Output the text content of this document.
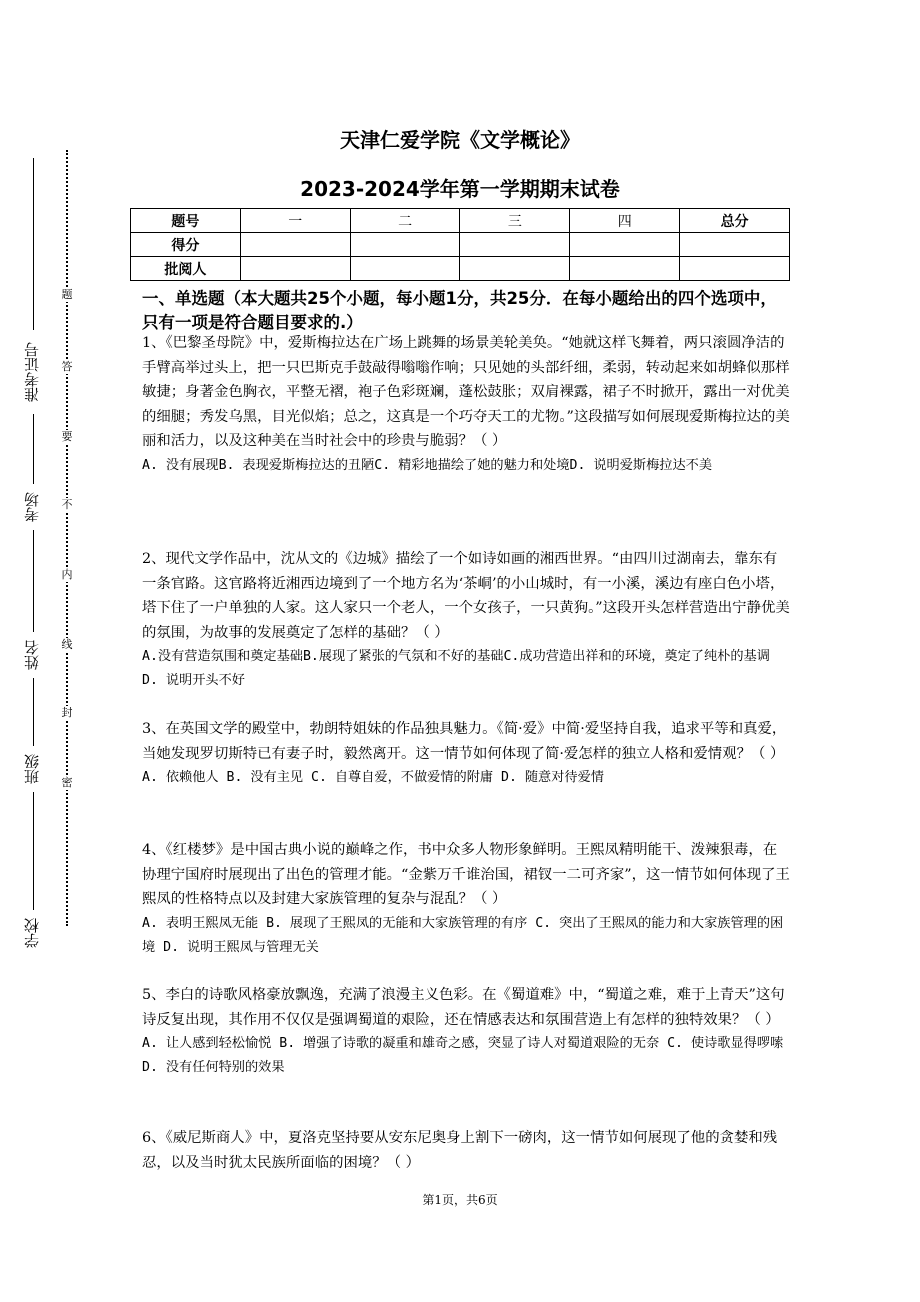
准考证号
考场
姓名
班级
学校
题
答
要
不
内
线
封
密
天津仁爱学院《文学概论》
2023-2024学年第一学期期末试卷
题号	一	二	三	四	总分
得分					
批阅人					
一、单选题（本大题共25个小题，每小题1分，共25分．在每小题给出的四个选项中，只有一项是符合题目要求的.）
1、《巴黎圣母院》中，爱斯梅拉达在广场上跳舞的场景美轮美奂。“她就这样飞舞着，两只滚圆净洁的手臂高举过头上，把一只巴斯克手鼓敲得嗡嗡作响；只见她的头部纤细，柔弱，转动起来如胡蜂似那样敏捷；身著金色胸衣，平整无褶，袍子色彩斑斓，蓬松鼓胀；双肩裸露，裙子不时掀开，露出一对优美的细腿；秀发乌黑，目光似焰；总之，这真是一个巧夺天工的尤物。”这段描写如何展现爱斯梅拉达的美丽和活力，以及这种美在当时社会中的珍贵与脆弱？（ ）
A. 没有展现B. 表现爱斯梅拉达的丑陋C. 精彩地描绘了她的魅力和处境D. 说明爱斯梅拉达不美
2、现代文学作品中，沈从文的《边城》描绘了一个如诗如画的湘西世界。“由四川过湖南去，靠东有一条官路。这官路将近湘西边境到了一个地方名为‘茶峒’的小山城时，有一小溪，溪边有座白色小塔，塔下住了一户单独的人家。这人家只一个老人，一个女孩子，一只黄狗。”这段开头怎样营造出宁静优美的氛围，为故事的发展奠定了怎样的基础？（ ）
A.没有营造氛围和奠定基础B.展现了紧张的气氛和不好的基础C.成功营造出祥和的环境，奠定了纯朴的基调 D. 说明开头不好
3、在英国文学的殿堂中，勃朗特姐妹的作品独具魅力。《简·爱》中简·爱坚持自我，追求平等和真爱，当她发现罗切斯特已有妻子时，毅然离开。这一情节如何体现了简·爱怎样的独立人格和爱情观？（ ）
A. 依赖他人 B. 没有主见 C. 自尊自爱，不做爱情的附庸 D. 随意对待爱情
4、《红楼梦》是中国古典小说的巅峰之作，书中众多人物形象鲜明。王熙凤精明能干、泼辣狠毒，在协理宁国府时展现出了出色的管理才能。“金紫万千谁治国，裙钗一二可齐家”，这一情节如何体现了王熙凤的性格特点以及封建大家族管理的复杂与混乱？（ ）
A. 表明王熙凤无能 B. 展现了王熙凤的无能和大家族管理的有序 C. 突出了王熙凤的能力和大家族管理的困境 D. 说明王熙凤与管理无关
5、李白的诗歌风格豪放飘逸，充满了浪漫主义色彩。在《蜀道难》中，“蜀道之难，难于上青天”这句诗反复出现，其作用不仅仅是强调蜀道的艰险，还在情感表达和氛围营造上有怎样的独特效果？（ ）
A. 让人感到轻松愉悦 B. 增强了诗歌的凝重和雄奇之感，突显了诗人对蜀道艰险的无奈 C. 使诗歌显得啰嗦 D. 没有任何特别的效果
6、《威尼斯商人》中，夏洛克坚持要从安东尼奥身上割下一磅肉，这一情节如何展现了他的贪婪和残忍，以及当时犹太民族所面临的困境？（ ）
第1页，共6页
